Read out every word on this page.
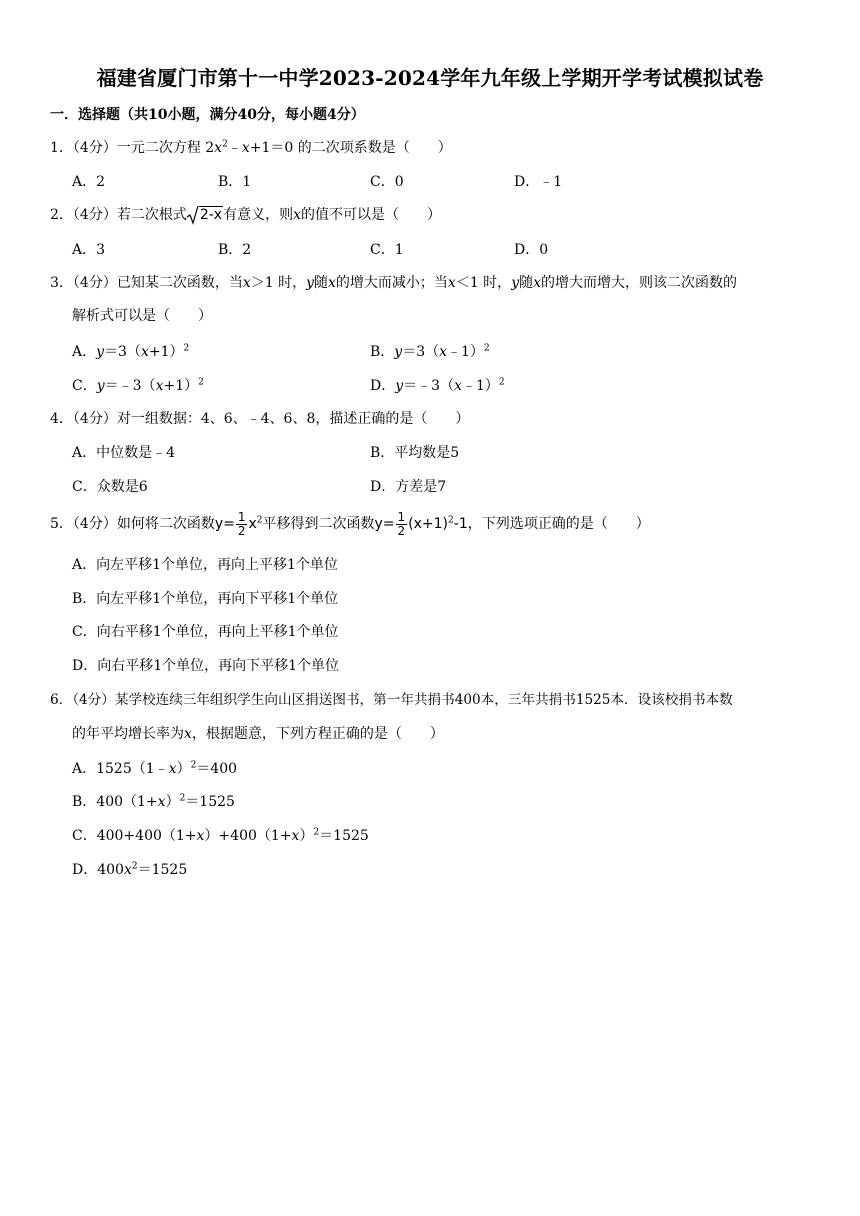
福建省厦门市第十一中学2023-2024学年九年级上学期开学考试模拟试卷
一．选择题（共10小题，满分40分，每小题4分）
1．（4分）一元二次方程 $2x^2﹣x+1=0$ 的二次项系数是（　　）
A．2	B．1	C．0	D．﹣1
2．（4分）若二次根式 2-x有意义，则x的值不可以是（　　）
A．3	B．2	C．1	D．0
3．（4分）已知某二次函数，当x＞1 时，y随x的增大而减小；当x＜1 时，y随x的增大而增大，则该二次函数的
解析式可以是（　　）
A．$y=3(x+1)^2$	B．y＝3（x﹣1）$^2$
C．$y=﹣3(x+1)^2$	D．y＝﹣3（x﹣1）$^2$
4．（4分）对一组数据：4、6、﹣4、6、8，描述正确的是（　　）
A．中位数是﹣4	B．平均数是5
C．众数是6	D．方差是7
5．（4分）如何将二次函数$y= \frac{1}{2} x^2$平移得到二次函数$y= \frac{1}{2} (x+1)^2-1$，下列选项正确的是（　　）
A．向左平移1个单位，再向上平移1个单位
B．向左平移1个单位，再向下平移1个单位
C．向右平移1个单位，再向上平移1个单位
D．向右平移1个单位，再向下平移1个单位
6．（4分）某学校连续三年组织学生向山区捐送图书，第一年共捐书400本，三年共捐书1525本．设该校捐书本数
的年平均增长率为x，根据题意，下列方程正确的是（　　）
A．1525（1﹣x）$^2$＝400
B．$400(1+x)^2=1525$
C．$400+400(1+x)+400(1+x)^2=1525$
D．$400x^2=1525$
